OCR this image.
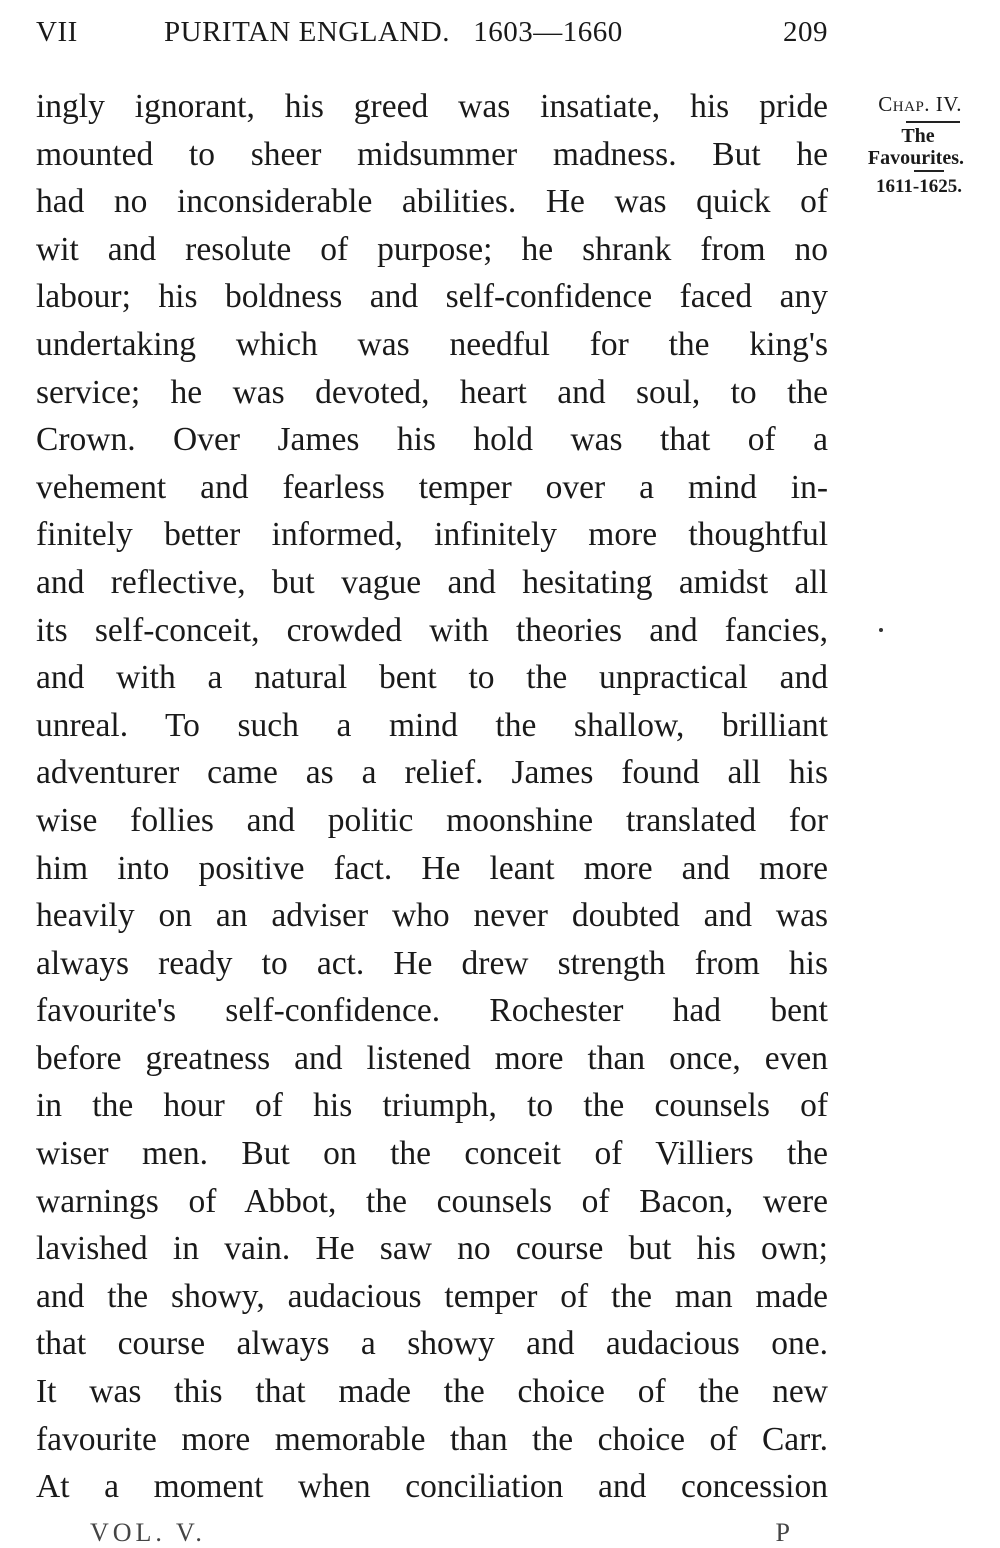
VII	PURITAN ENGLAND. 1603—1660	209
ingly ignorant, his greed was insatiate, his pride
mounted to sheer midsummer madness. But he
had no inconsiderable abilities. He was quick of
wit and resolute of purpose; he shrank from no
labour; his boldness and self-confidence faced any
undertaking which was needful for the king's
service; he was devoted, heart and soul, to the
Crown. Over James his hold was that of a
vehement and fearless temper over a mind in-
finitely better informed, infinitely more thoughtful
and reflective, but vague and hesitating amidst all
its self-conceit, crowded with theories and fancies,
and with a natural bent to the unpractical and
unreal. To such a mind the shallow, brilliant
adventurer came as a relief. James found all his
wise follies and politic moonshine translated for
him into positive fact. He leant more and more
heavily on an adviser who never doubted and was
always ready to act. He drew strength from his
favourite's self-confidence. Rochester had bent
before greatness and listened more than once, even
in the hour of his triumph, to the counsels of
wiser men. But on the conceit of Villiers the
warnings of Abbot, the counsels of Bacon, were
lavished in vain. He saw no course but his own;
and the showy, audacious temper of the man made
that course always a showy and audacious one.
It was this that made the choice of the new
favourite more memorable than the choice of Carr.
At a moment when conciliation and concession
Chap. IV.
The
Favourites.
1611-1625.
VOL. V.	P
